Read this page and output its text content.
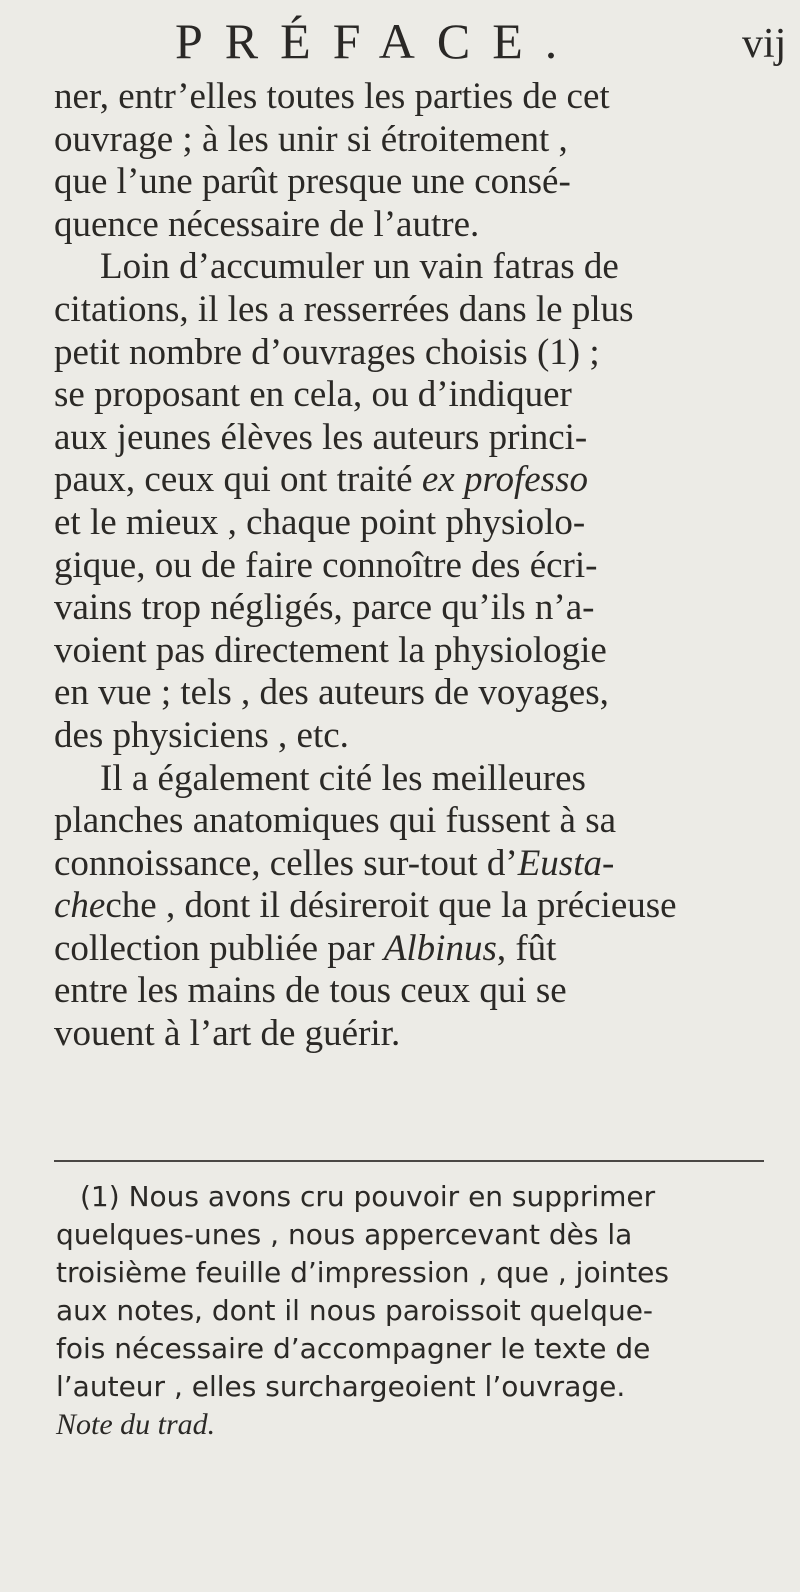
PRÉFACE.	vij
ner, entr’elles toutes les parties de cet
ouvrage ; à les unir si étroitement ,
que l’une parût presque une consé-
quence nécessaire de l’autre.
Loin d’accumuler un vain fatras de
citations, il les a resserrées dans le plus
petit nombre d’ouvrages choisis (1) ;
se proposant en cela, ou d’indiquer
aux jeunes élèves les auteurs princi-
paux, ceux qui ont traité ex professo
et le mieux , chaque point physiolo-
gique, ou de faire connoître des écri-
vains trop négligés, parce qu’ils n’a-
voient pas directement la physiologie
en vue ; tels , des auteurs de voyages,
des physiciens , etc.
Il a également cité les meilleures
planches anatomiques qui fussent à sa
connoissance, celles sur-tout d’Eusta-
cheche , dont il désireroit que la précieuse
collection publiée par Albinus, fût
entre les mains de tous ceux qui se
vouent à l’art de guérir.
(1) Nous avons cru pouvoir en supprimer
quelques-unes , nous appercevant dès la
troisième feuille d’impression , que , jointes
aux notes, dont il nous paroissoit quelque-
fois nécessaire d’accompagner le texte de
l’auteur , elles surchargeoient l’ouvrage.
Note du trad.
